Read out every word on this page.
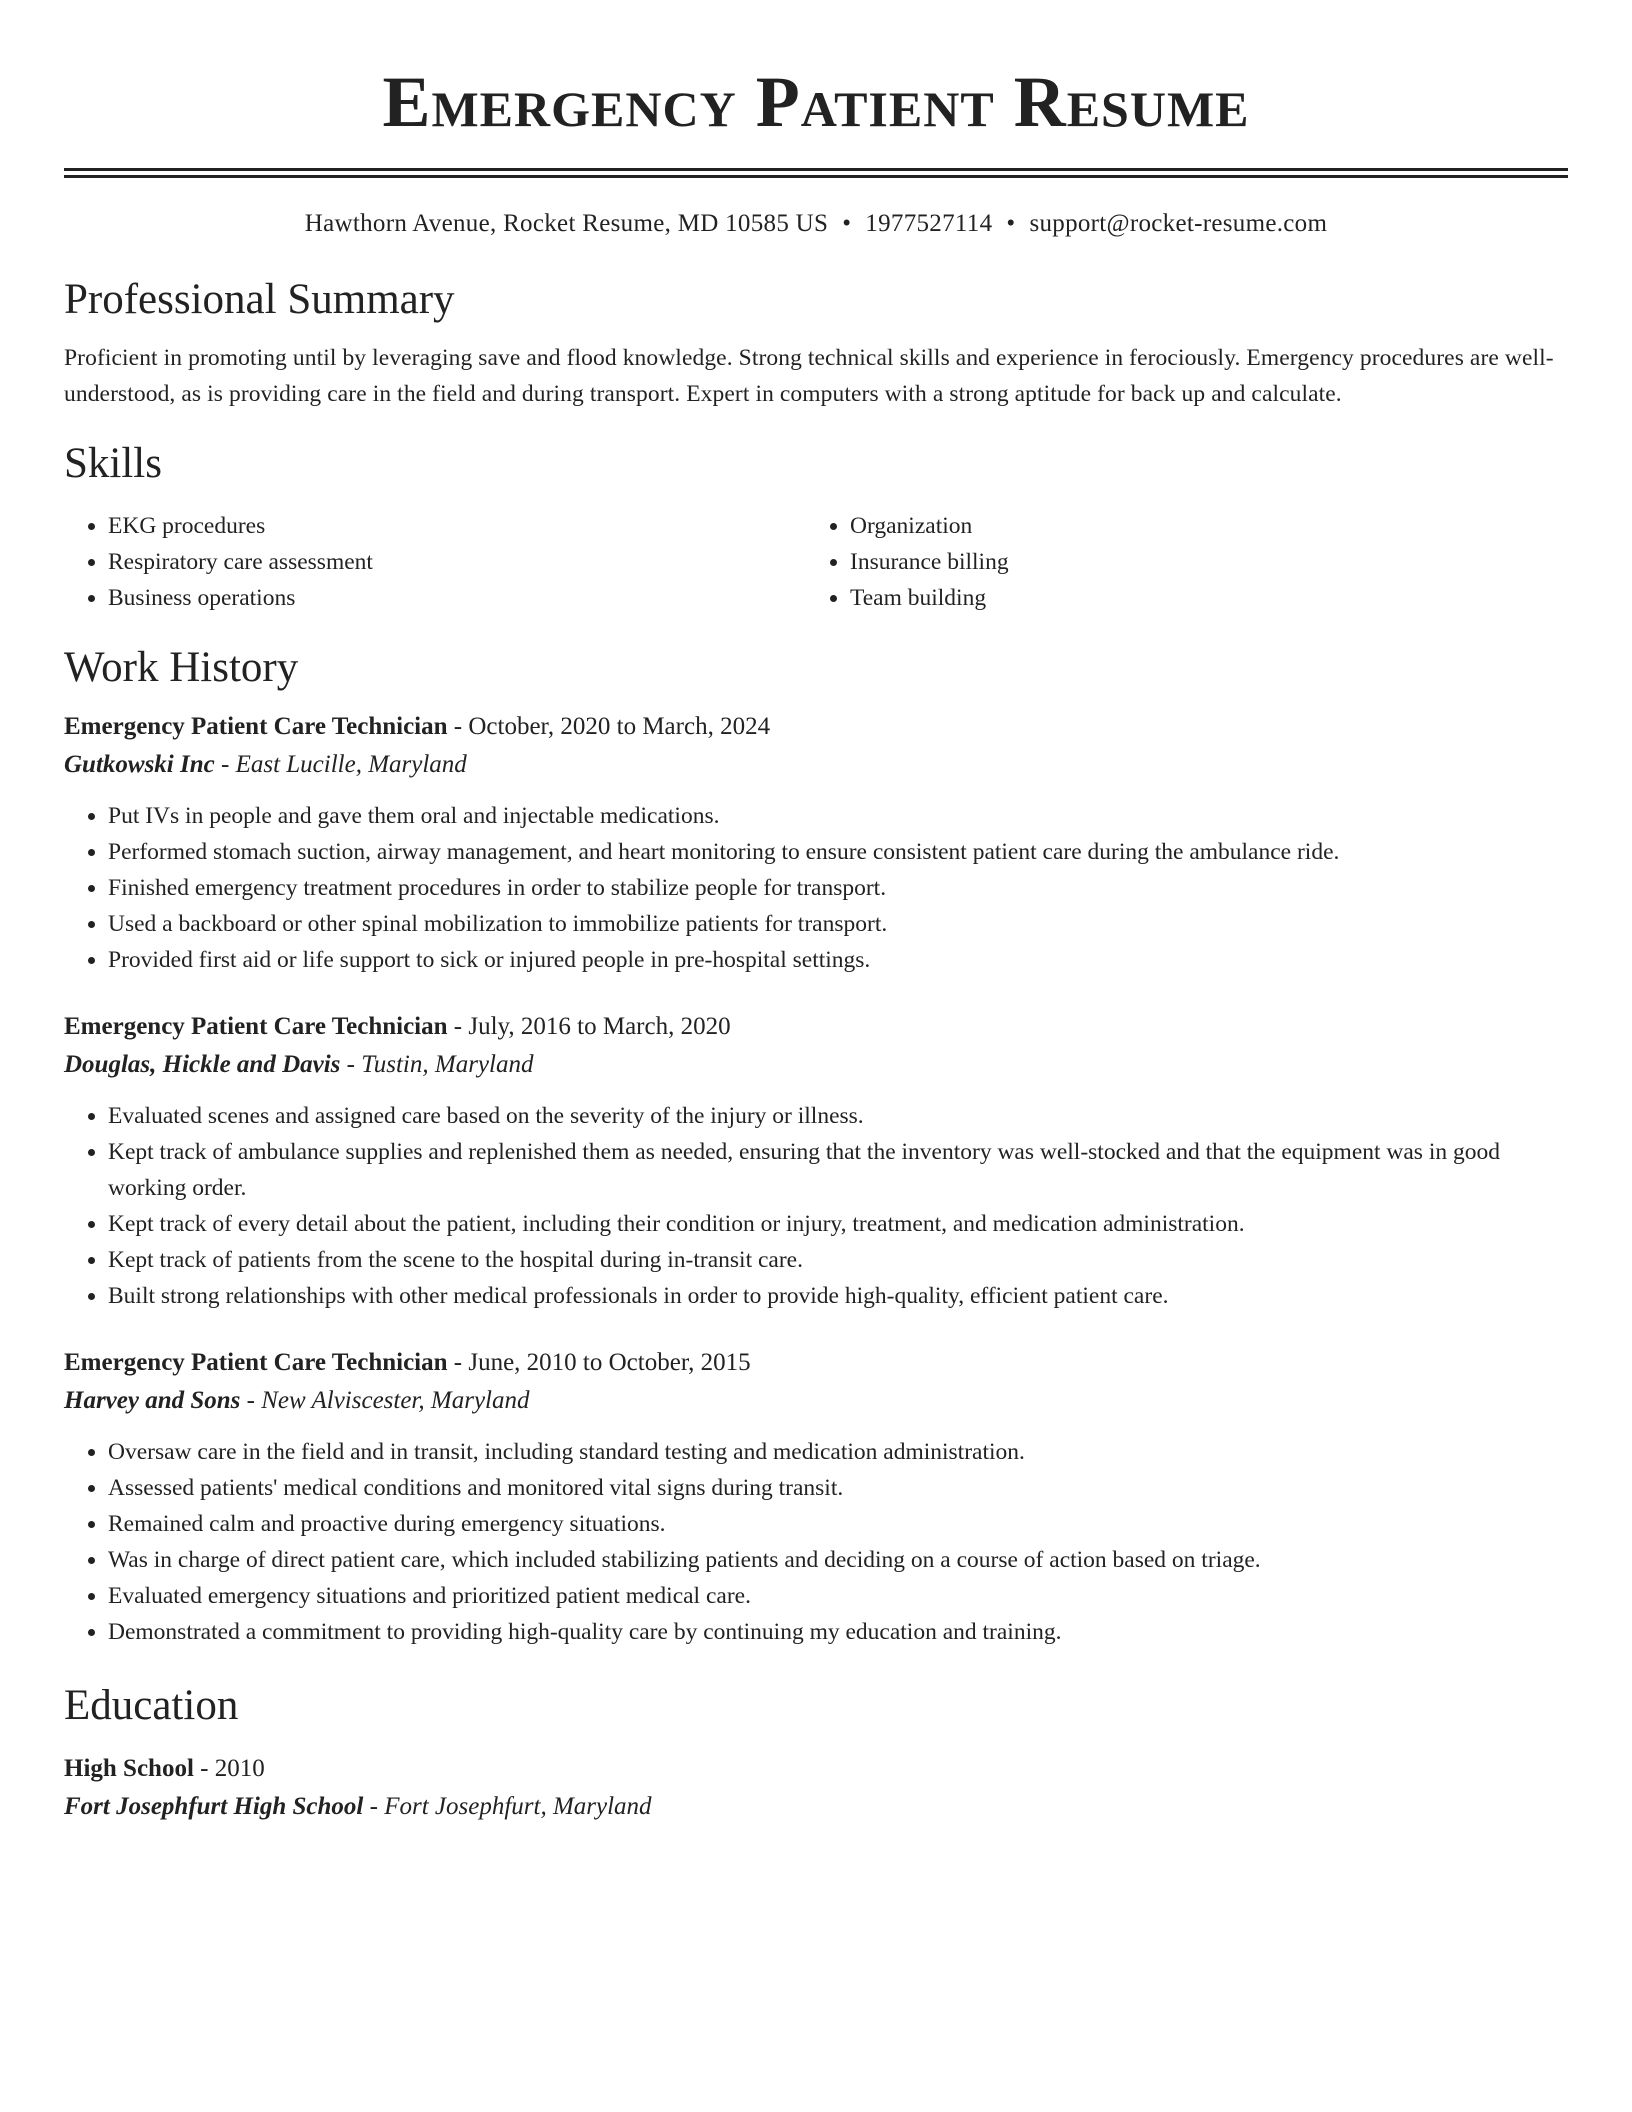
Emergency Patient Resume
Hawthorn Avenue, Rocket Resume, MD 10585 US • 1977527114 • support@rocket-resume.com
Professional Summary

Proficient in promoting until by leveraging save and flood knowledge. Strong technical skills and experience in ferociously. Emergency procedures are well-understood, as is providing care in the field and during transport. Expert in computers with a strong aptitude for back up and calculate.

Skills
• EKG procedures
• Respiratory care assessment
• Business operations
• Organization
• Insurance billing
• Team building
Work History
Emergency Patient Care Technician - October, 2020 to March, 2024
Gutkowski Inc - East Lucille, Maryland
• Put IVs in people and gave them oral and injectable medications.
• Performed stomach suction, airway management, and heart monitoring to ensure consistent patient care during the ambulance ride.
• Finished emergency treatment procedures in order to stabilize people for transport.
• Used a backboard or other spinal mobilization to immobilize patients for transport.
• Provided first aid or life support to sick or injured people in pre-hospital settings.
Emergency Patient Care Technician - July, 2016 to March, 2020
Douglas, Hickle and Davis - Tustin, Maryland
• Evaluated scenes and assigned care based on the severity of the injury or illness.
• Kept track of ambulance supplies and replenished them as needed, ensuring that the inventory was well-stocked and that the equipment was in good working order.
• Kept track of every detail about the patient, including their condition or injury, treatment, and medication administration.
• Kept track of patients from the scene to the hospital during in-transit care.
• Built strong relationships with other medical professionals in order to provide high-quality, efficient patient care.
Emergency Patient Care Technician - June, 2010 to October, 2015
Harvey and Sons - New Alviscester, Maryland
• Oversaw care in the field and in transit, including standard testing and medication administration.
• Assessed patients' medical conditions and monitored vital signs during transit.
• Remained calm and proactive during emergency situations.
• Was in charge of direct patient care, which included stabilizing patients and deciding on a course of action based on triage.
• Evaluated emergency situations and prioritized patient medical care.
• Demonstrated a commitment to providing high-quality care by continuing my education and training.
Education
High School - 2010
Fort Josephfurt High School - Fort Josephfurt, Maryland
